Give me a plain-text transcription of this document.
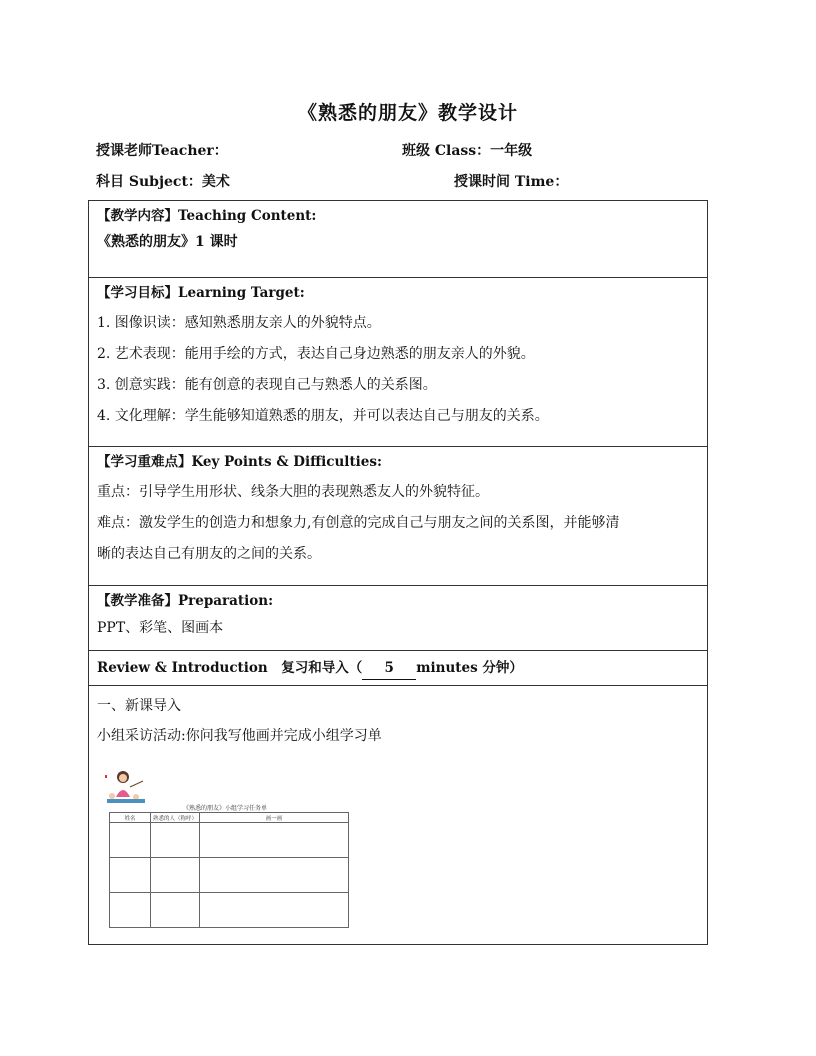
《熟悉的朋友》教学设计
授课老师Teacher：	班级 Class：一年级
科目 Subject：美术	授课时间 Time：
【教学内容】Teaching Content:
《熟悉的朋友》1 课时
【学习目标】Learning Target:
1. 图像识读：感知熟悉朋友亲人的外貌特点。
2. 艺术表现：能用手绘的方式，表达自己身边熟悉的朋友亲人的外貌。
3. 创意实践：能有创意的表现自己与熟悉人的关系图。
4. 文化理解：学生能够知道熟悉的朋友，并可以表达自己与朋友的关系。
【学习重难点】Key Points & Difficulties:
重点：引导学生用形状、线条大胆的表现熟悉友人的外貌特征。
难点：激发学生的创造力和想象力,有创意的完成自己与朋友之间的关系图，并能够清
晰的表达自己有朋友的之间的关系。
【教学准备】Preparation:
PPT、彩笔、图画本
Review & Introduction　复习和导入（ 5 minutes 分钟）
一、新课导入
小组采访活动:你问我写他画并完成小组学习单
《熟悉的朋友》小组学习任务单
姓名	熟悉的人（称呼）	画一画
